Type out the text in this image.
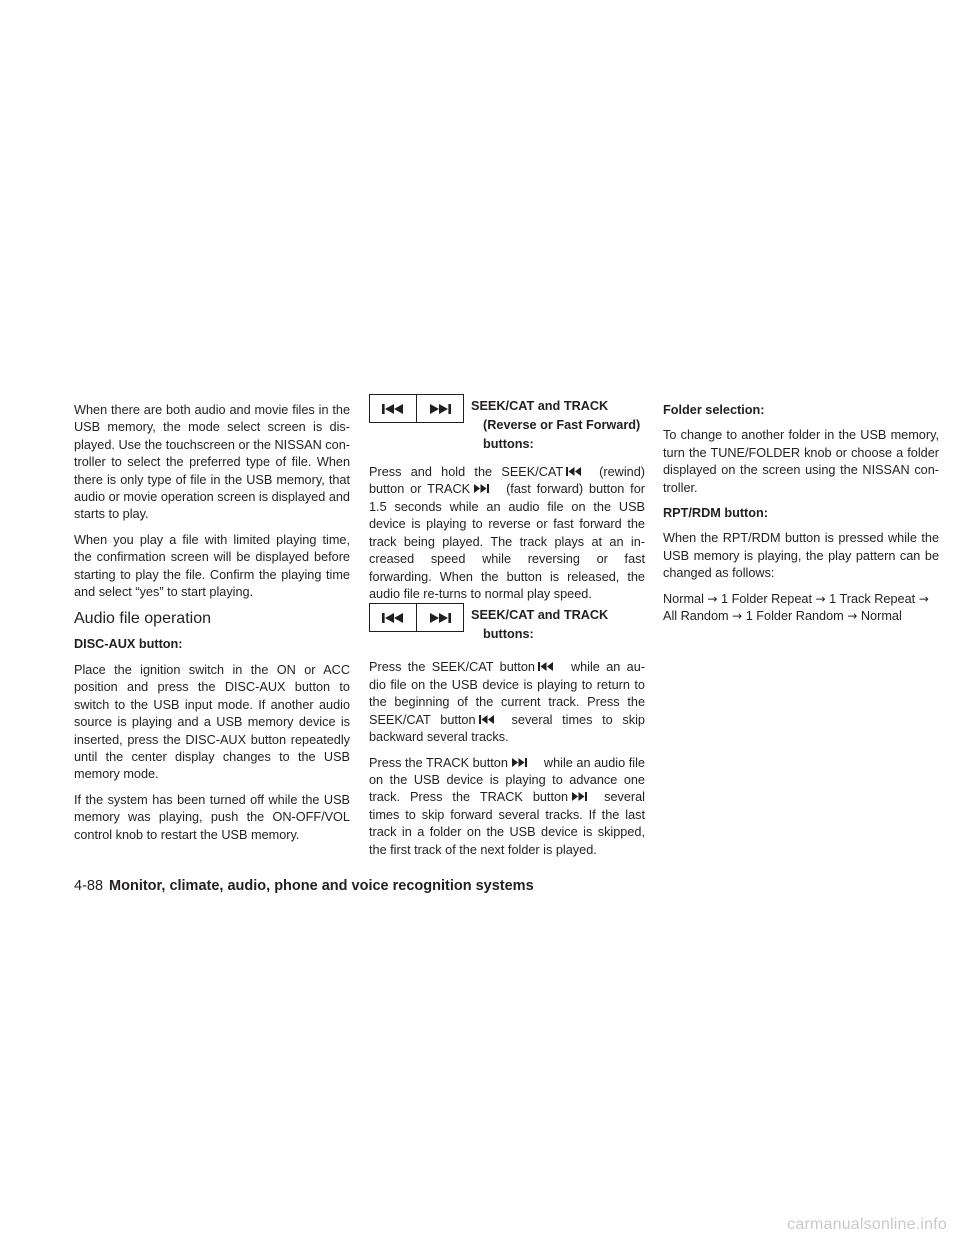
When there are both audio and movie files in the USB memory, the mode select screen is dis-played. Use the touchscreen or the NISSAN con-troller to select the preferred type of file. When there is only type of file in the USB memory, that audio or movie operation screen is displayed and starts to play.

When you play a file with limited playing time, the confirmation screen will be displayed before starting to play the file. Confirm the playing time and select “yes” to start playing.

Audio file operation
DISC-AUX button:

Place the ignition switch in the ON or ACC position and press the DISC-AUX button to switch to the USB input mode. If another audio source is playing and a USB memory device is inserted, press the DISC-AUX button repeatedly until the center display changes to the USB memory mode.

If the system has been turned off while the USB memory was playing, push the ON-OFF/VOL control knob to restart the USB memory.

SEEK/CAT and TRACK
(Reverse or Fast Forward)
buttons:

Press and hold the SEEK/CAT	(rewind) button or TRACK	(fast forward) button for 1.5 seconds while an audio file on the USB device is playing to reverse or fast forward the track being played. The track plays at an in-creased speed while reversing or fast forwarding. When the button is released, the audio file re-turns to normal play speed.

SEEK/CAT and TRACK
buttons:

Press the SEEK/CAT button	while an au-dio file on the USB device is playing to return to the beginning of the current track. Press the SEEK/CAT button	several times to skip backward several tracks.

Press the TRACK button	while an audio file on the USB device is playing to advance one track. Press the TRACK button	several times to skip forward several tracks. If the last track in a folder on the USB device is skipped, the first track of the next folder is played.

Folder selection:

To change to another folder in the USB memory, turn the TUNE/FOLDER knob or choose a folder displayed on the screen using the NISSAN con-troller.

RPT/RDM button:

When the RPT/RDM button is pressed while the USB memory is playing, the play pattern can be changed as follows:

Normal → 1 Folder Repeat → 1 Track Repeat → All Random → 1 Folder Random → Normal

4-88 Monitor, climate, audio, phone and voice recognition systems
carmanualsonline.info
